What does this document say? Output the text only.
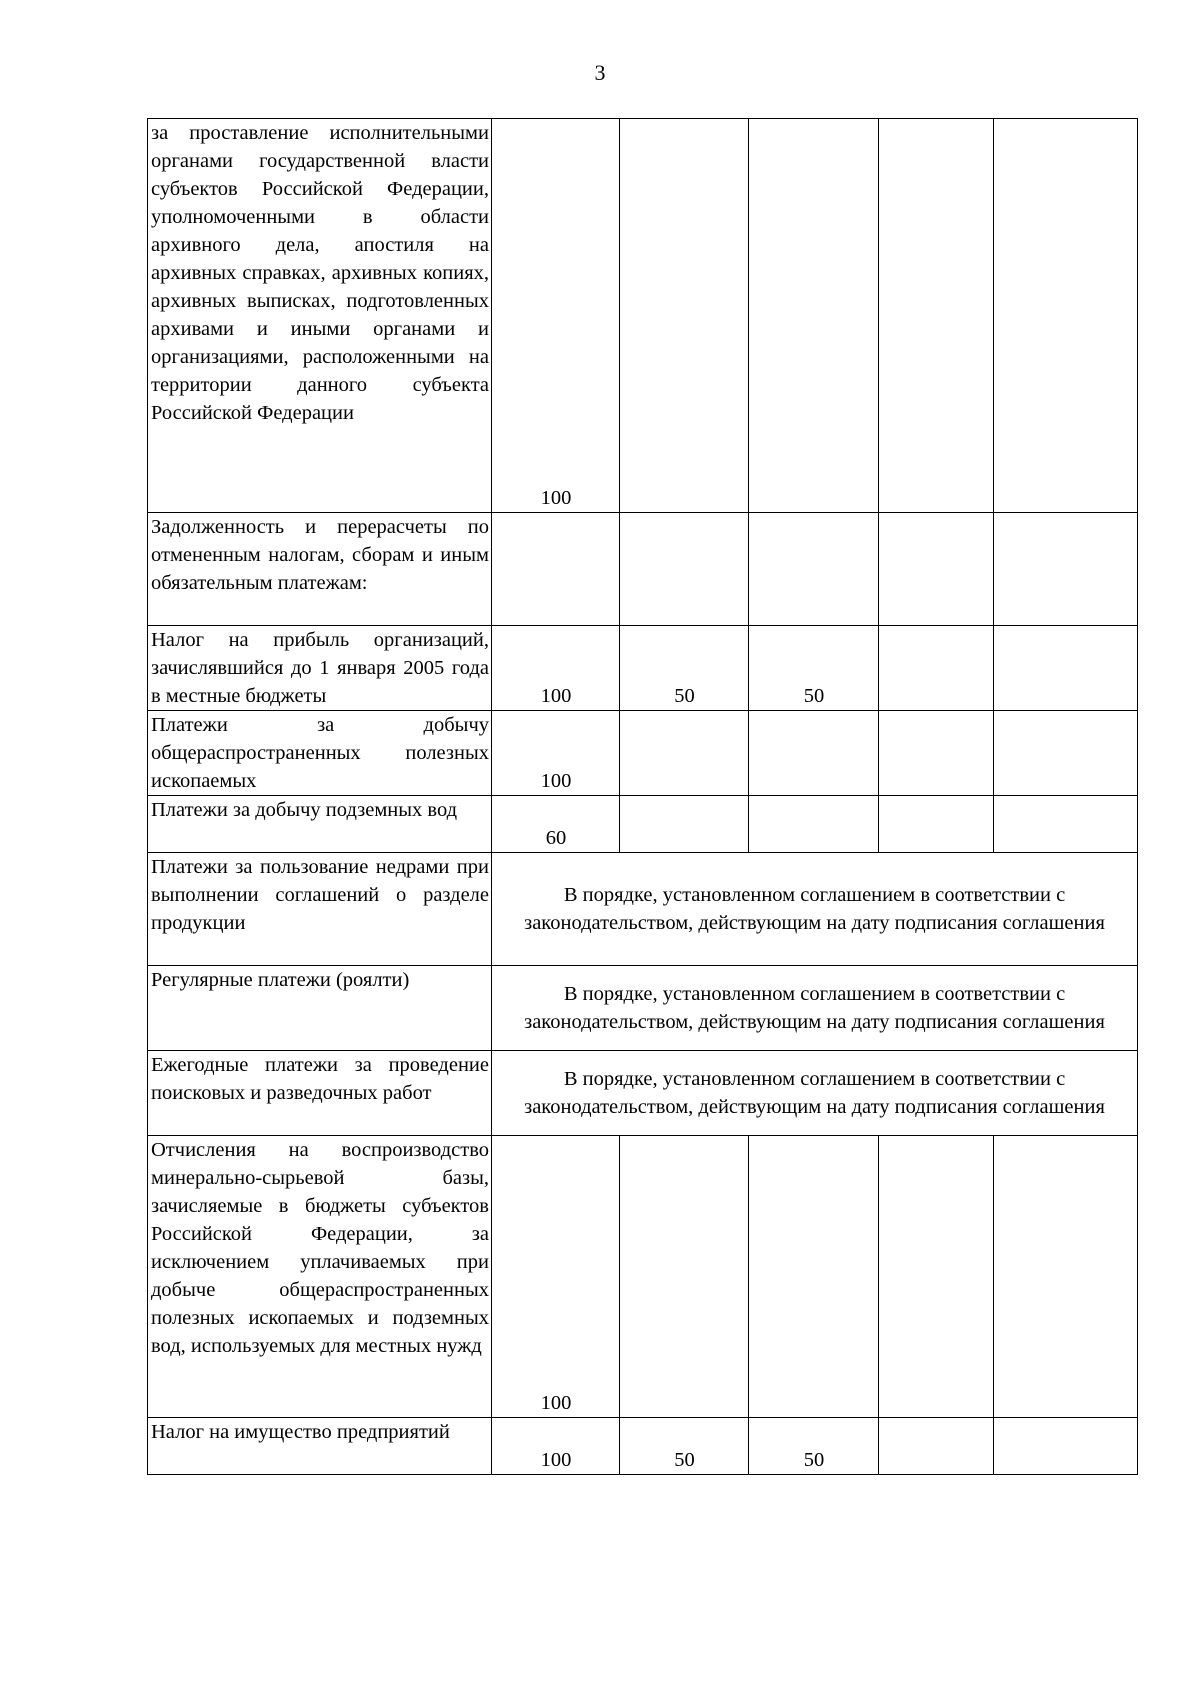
3
за проставление исполнительными органами государственной власти субъектов Российской Федерации, уполномоченными в области архивного дела, апостиля на архивных справках, архивных копиях, архивных выписках, подготовленных архивами и иными органами и организациями, расположенными на территории данного субъекта Российской Федерации	100				
Задолженность и перерасчеты по отмененным налогам, сборам и иным обязательным платежам:					
Налог на прибыль организаций, зачислявшийся до 1 января 2005 года в местные бюджеты	100	50	50		
Платежи за добычу общераспространенных полезных ископаемых	100				
Платежи за добычу подземных вод	60				
Платежи за пользование недрами при выполнении соглашений о разделе продукции	В порядке, установленном соглашением в соответствии с законодательством, действующим на дату подписания соглашения				
Регулярные платежи (роялти)	В порядке, установленном соглашением в соответствии с законодательством, действующим на дату подписания соглашения				
Ежегодные платежи за проведение поисковых и разведочных работ	В порядке, установленном соглашением в соответствии с законодательством, действующим на дату подписания соглашения				
Отчисления на воспроизводство минерально-сырьевой базы, зачисляемые в бюджеты субъектов Российской Федерации, за исключением уплачиваемых при добыче общераспространенных полезных ископаемых и подземных вод, используемых для местных нужд	100				
Налог на имущество предприятий	100	50	50		
